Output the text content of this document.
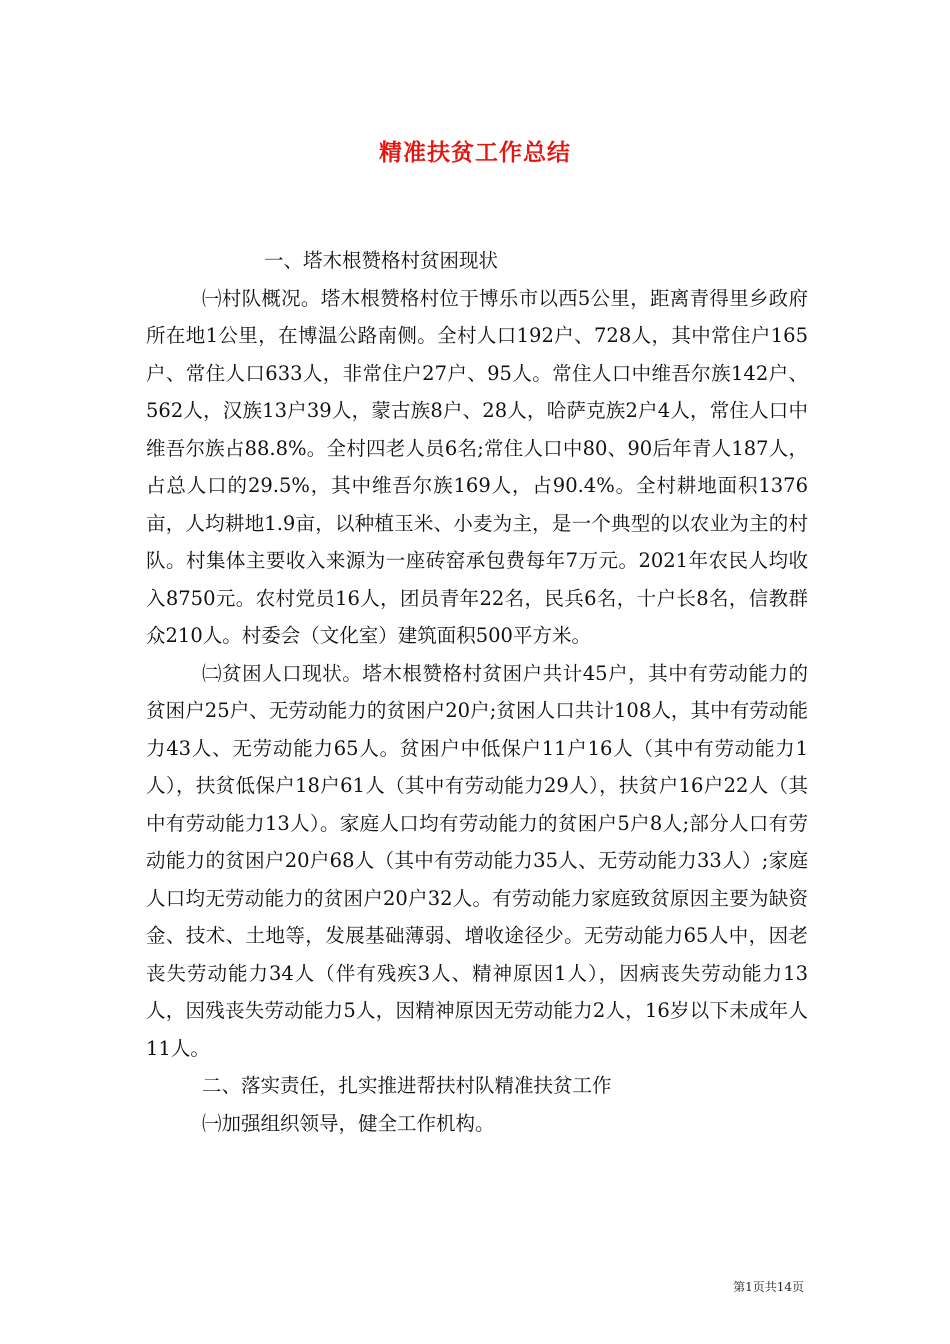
精准扶贫工作总结

一、塔木根赞格村贫困现状

㈠村队概况。塔木根赞格村位于博乐市以西5公里，距离青得里乡政府所在地1公里，在博温公路南侧。全村人口192户、728人，其中常住户165户、常住人口633人，非常住户27户、95人。常住人口中维吾尔族142户、562人，汉族13户39人，蒙古族8户、28人，哈萨克族2户4人，常住人口中维吾尔族占88.8%。全村四老人员6名;常住人口中80、90后年青人187人，占总人口的29.5%，其中维吾尔族169人，占90.4%。全村耕地面积1376亩，人均耕地1.9亩，以种植玉米、小麦为主，是一个典型的以农业为主的村队。村集体主要收入来源为一座砖窑承包费每年7万元。2021年农民人均收入8750元。农村党员16人，团员青年22名，民兵6名，十户长8名，信教群众210人。村委会（文化室）建筑面积500平方米。

㈡贫困人口现状。塔木根赞格村贫困户共计45户，其中有劳动能力的贫困户25户、无劳动能力的贫困户20户;贫困人口共计108人，其中有劳动能力43人、无劳动能力65人。贫困户中低保户11户16人（其中有劳动能力1人），扶贫低保户18户61人（其中有劳动能力29人），扶贫户16户22人（其中有劳动能力13人）。家庭人口均有劳动能力的贫困户5户8人;部分人口有劳动能力的贫困户20户68人（其中有劳动能力35人、无劳动能力33人）;家庭人口均无劳动能力的贫困户20户32人。有劳动能力家庭致贫原因主要为缺资金、技术、土地等，发展基础薄弱、增收途径少。无劳动能力65人中，因老丧失劳动能力34人（伴有残疾3人、精神原因1人），因病丧失劳动能力13人，因残丧失劳动能力5人，因精神原因无劳动能力2人，16岁以下未成年人11人。

二、落实责任，扎实推进帮扶村队精准扶贫工作

㈠加强组织领导，健全工作机构。

第1页共14页
